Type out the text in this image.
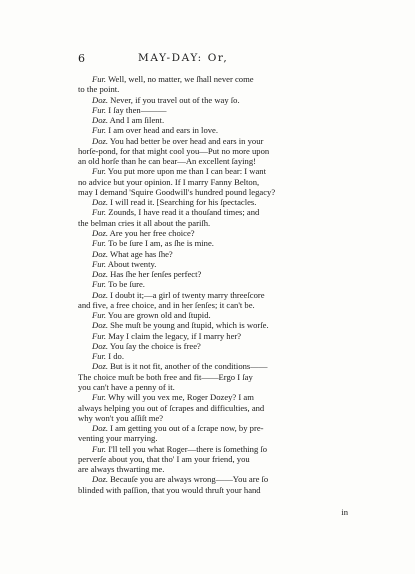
6	MAY-DAY: Or,
Fur. Well, well, no matter, we ſhall never come
to the point.
Doz. Never, if you travel out of the way ſo.
Fur. I ſay then———
Doz. And I am ſilent.
Fur. I am over head and ears in love.
Doz. You had better be over head and ears in your
horſe-pond, for that might cool you—Put no more upon
an old horſe than he can bear—An excellent ſaying!
Fur. You put more upon me than I can bear: I want
no advice but your opinion. If I marry Fanny Belton,
may I demand 'Squire Goodwill's hundred pound legacy?
Doz. I will read it. [Searching for his ſpectacles.
Fur. Zounds, I have read it a thouſand times; and
the belman cries it all about the pariſh.
Doz. Are you her free choice?
Fur. To be ſure I am, as ſhe is mine.
Doz. What age has ſhe?
Fur. About twenty.
Doz. Has ſhe her ſenſes perfect?
Fur. To be ſure.
Doz. I doubt it;—a girl of twenty marry threeſcore
and five, a free choice, and in her ſenſes; it can't be.
Fur. You are grown old and ſtupid.
Doz. She muſt be young and ſtupid, which is worſe.
Fur. May I claim the legacy, if I marry her?
Doz. You ſay the choice is free?
Fur. I do.
Doz. But is it not fit, another of the conditions——
The choice muſt be both free and fit——Ergo I ſay
you can't have a penny of it.
Fur. Why will you vex me, Roger Dozey? I am
always helping you out of ſcrapes and difficulties, and
why won't you aſſiſt me?
Doz. I am getting you out of a ſcrape now, by pre-
venting your marrying.
Fur. I'll tell you what Roger—there is ſomething ſo
perverſe about you, that tho' I am your friend, you
are always thwarting me.
Doz. Becauſe you are always wrong——You are ſo
blinded with paſſion, that you would thruſt your hand
in
